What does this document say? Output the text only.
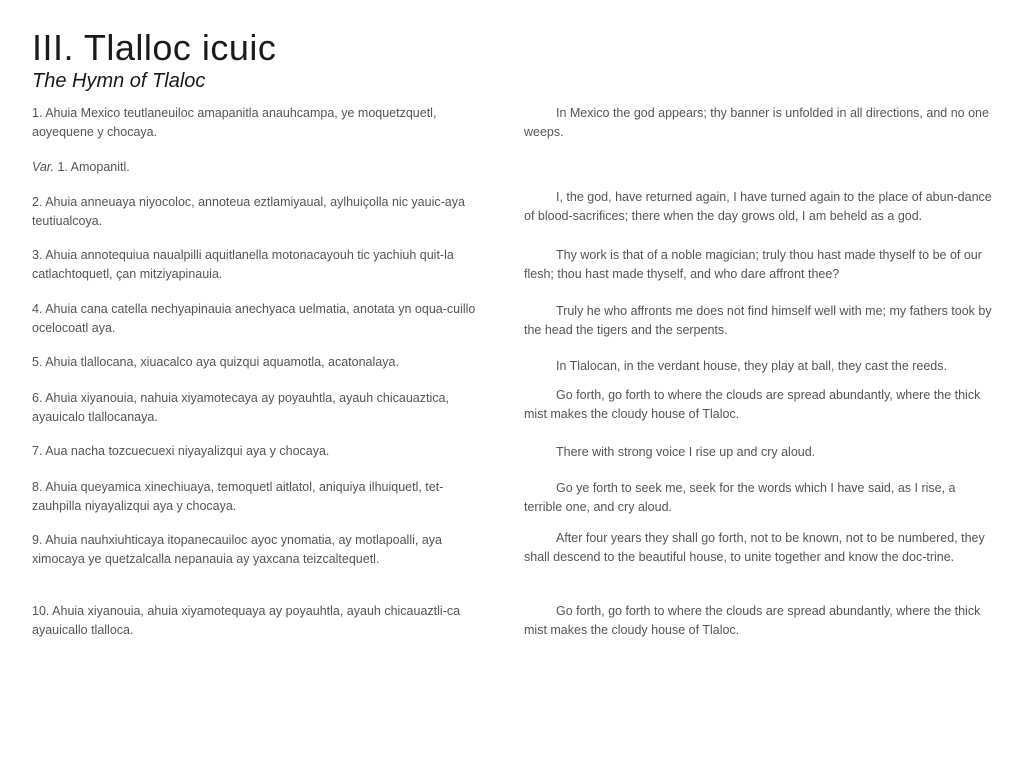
III. Tlalloc icuic
The Hymn of Tlaloc

1. Ahuia Mexico teutlaneuiloc amapanitla anauhcampa, ye moquetzquetl, aoyequene y chocaya.

Var. 1. Amopanitl.

2. Ahuia anneuaya niyocoloc, annoteua eztlamiyaual, aylhuiçolla nic yauic-aya teutiualcoya.

3. Ahuia annotequiua naualpilli aquitlanella motonacayouh tic yachiuh quit-la catlachtoquetl, çan mitziyapinauia.

4. Ahuia cana catella nechyapinauia anechyaca uelmatia, anotata yn oqua-cuillo ocelocoatl aya.

5. Ahuia tlallocana, xiuacalco aya quizqui aquamotla, acatonalaya.

6. Ahuia xiyanouia, nahuia xiyamotecaya ay poyauhtla, ayauh chicauaztica, ayauicalo tlallocanaya.

7. Aua nacha tozcuecuexi niyayalizqui aya y chocaya.

8. Ahuia queyamica xinechiuaya, temoquetl aitlatol, aniquiya ilhuiquetl, tet-zauhpilla niyayalizqui aya y chocaya.

9. Ahuia nauhxiuhticaya itopanecauiloc ayoc ynomatia, ay motlapoalli, aya ximocaya ye quetzalcalla nepanauia ay yaxcana teizcaltequetl.

10. Ahuia xiyanouia, ahuia xiyamotequaya ay poyauhtla, ayauh chicauaztli-ca ayauicallo tlalloca.

In Mexico the god appears; thy banner is unfolded in all directions, and no one weeps.

I, the god, have returned again, I have turned again to the place of abun-dance of blood-sacrifices; there when the day grows old, I am beheld as a god.

Thy work is that of a noble magician; truly thou hast made thyself to be of our flesh; thou hast made thyself, and who dare affront thee?

Truly he who affronts me does not find himself well with me; my fathers took by the head the tigers and the serpents.

In Tlalocan, in the verdant house, they play at ball, they cast the reeds.

Go forth, go forth to where the clouds are spread abundantly, where the thick mist makes the cloudy house of Tlaloc.

There with strong voice I rise up and cry aloud.

Go ye forth to seek me, seek for the words which I have said, as I rise, a terrible one, and cry aloud.

After four years they shall go forth, not to be known, not to be numbered, they shall descend to the beautiful house, to unite together and know the doc-trine.

Go forth, go forth to where the clouds are spread abundantly, where the thick mist makes the cloudy house of Tlaloc.
